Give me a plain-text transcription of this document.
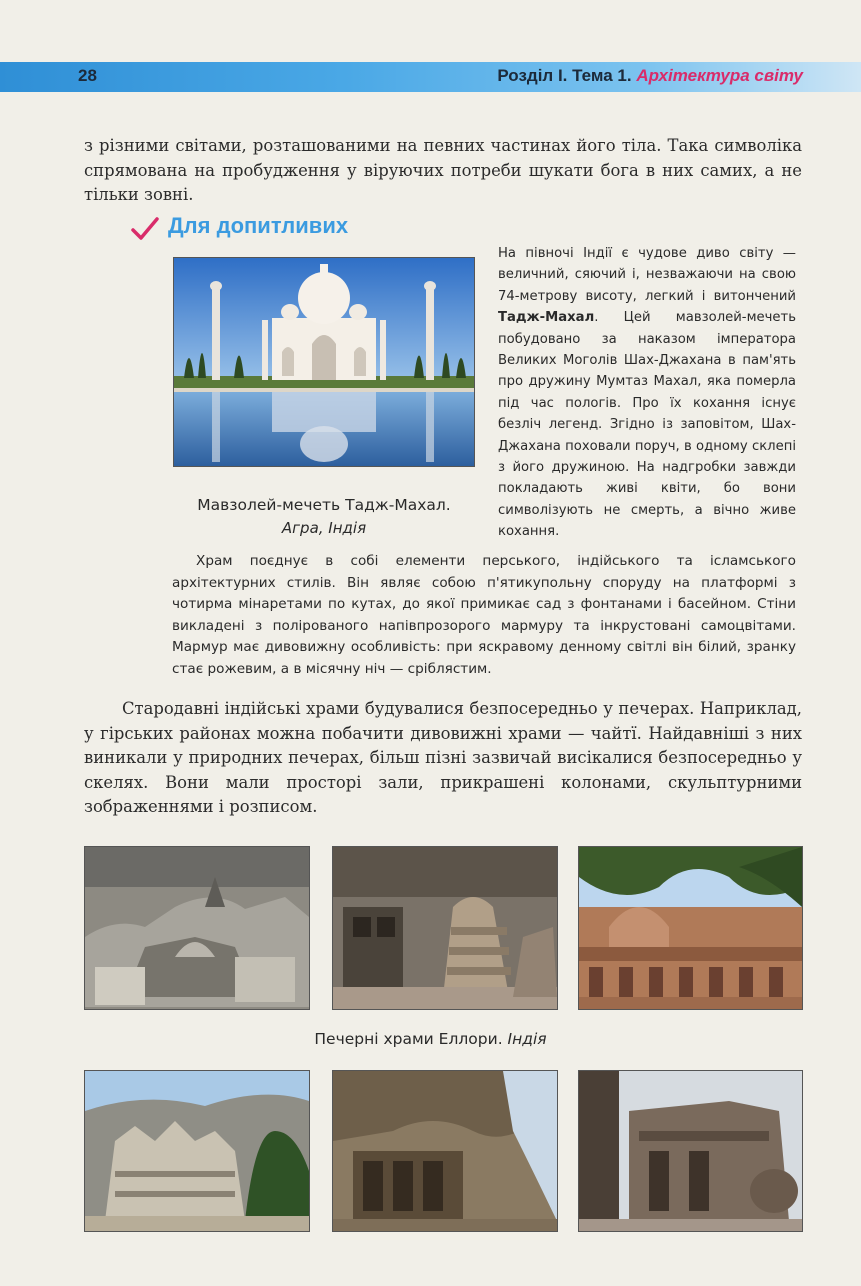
28	Розділ I. Тема 1. Архітектура світу

з різними світами, розташованими на певних частинах його тіла. Така символіка спрямована на пробудження у віруючих потреби шукати бога в них самих, а не тільки зовні.

Для допитливих

На півночі Індії є чудове диво світу — величний, сяючий і, незважаючи на свою 74-метрову висоту, легкий і витончений Тадж-Махал. Цей мавзолей-мечеть побудовано за наказом імператора Великих Моголів Шах-Джахана в пам'ять про дружину Мумтаз Махал, яка померла під час пологів. Про їх кохання існує безліч легенд. Згідно із заповітом, Шах-Джахана поховали поруч, в одному склепі з його дружиною. На надгробки завжди покладають живі квіти, бо вони символізують не смерть, а вічно живе кохання.

Мавзолей-мечеть Тадж-Махал.
Агра, Індія

Храм поєднує в собі елементи перського, індійського та ісламського архітектурних стилів. Він являє собою п'ятикупольну споруду на платформі з чотирма мінаретами по кутах, до якої примикає сад з фонтанами і басейном. Стіни викладені з полірованого напівпрозорого мармуру та інкрустовані самоцвітами. Мармур має дивовижну особливість: при яскравому денному світлі він білий, зранку стає рожевим, а в місячну ніч — сріблястим.

Стародавні індійські храми будувалися безпосередньо у печерах. Наприклад, у гірських районах можна побачити дивовижні храми — чайтї. Найдавніші з них виникали у природних печерах, більш пізні зазвичай висікалися безпосередньо у скелях. Вони мали просторі зали, прикрашені колонами, скульптурними зображеннями і розписом.

Печерні храми Еллори. Індія
